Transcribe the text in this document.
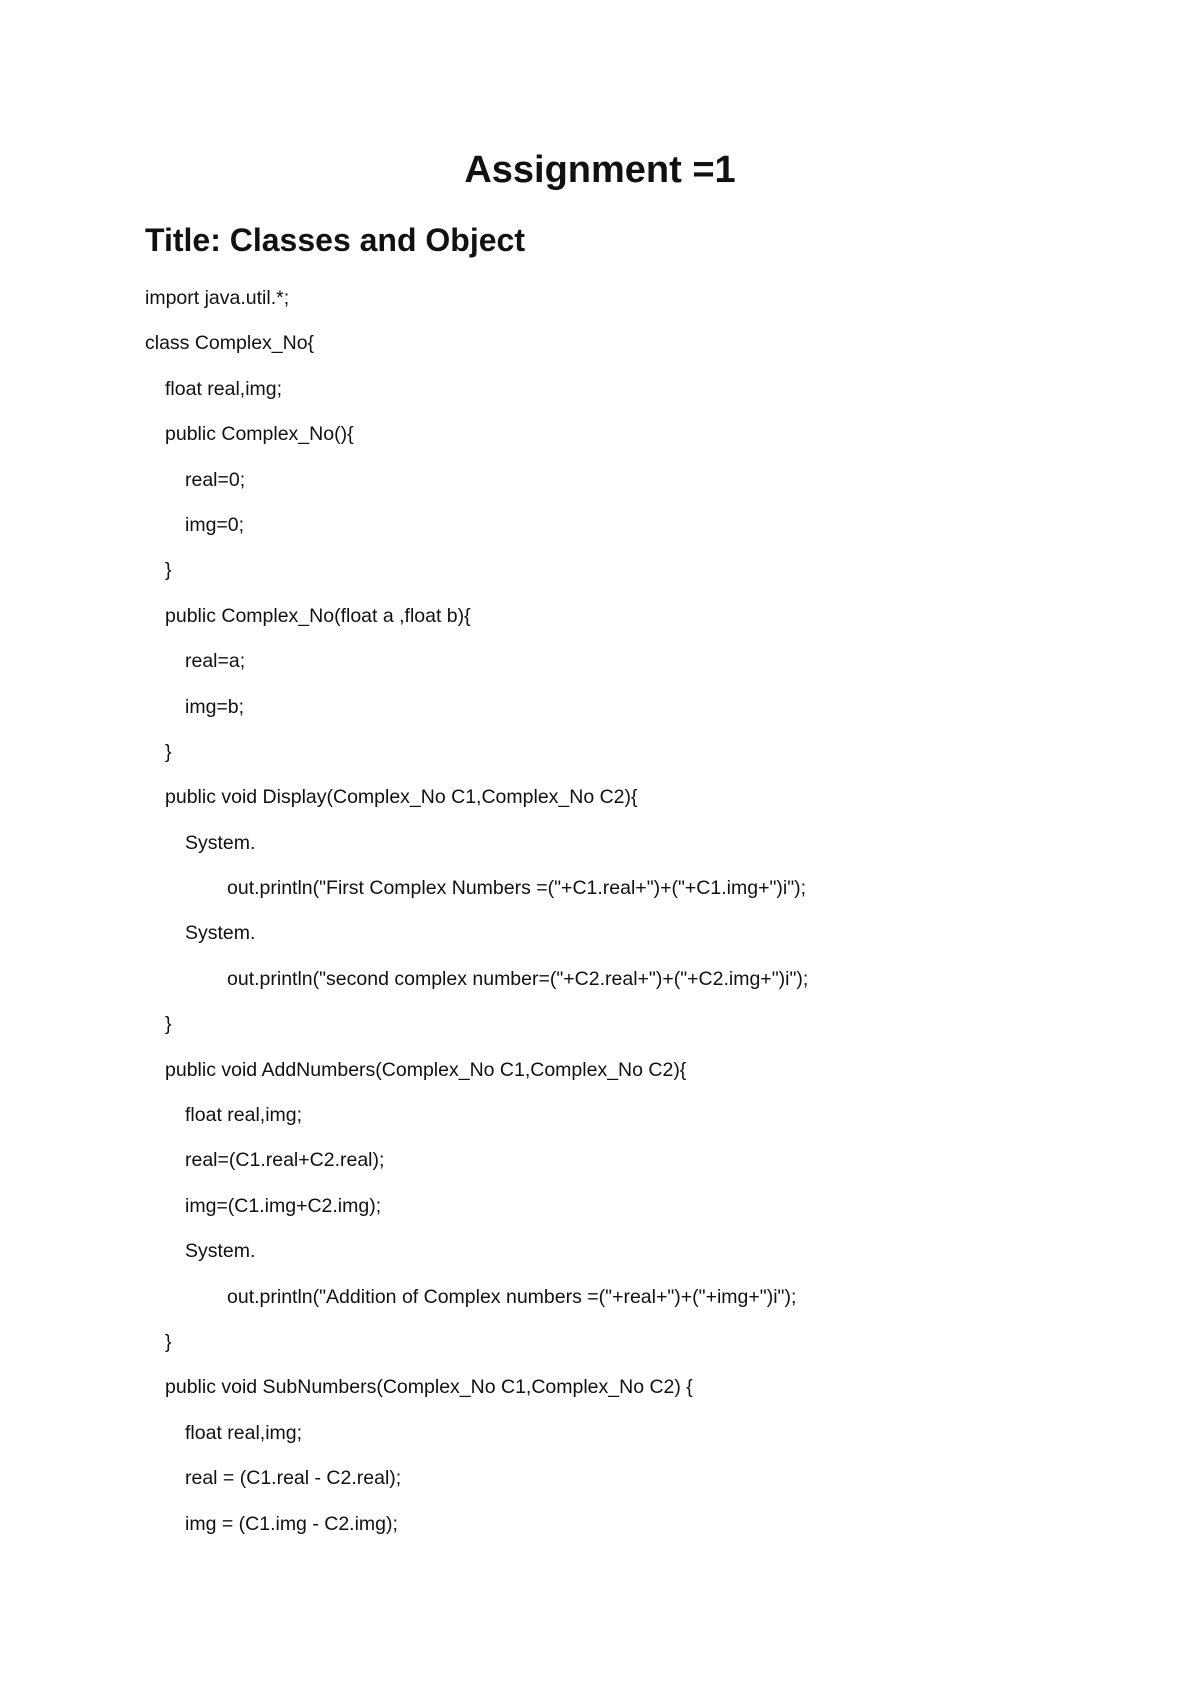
Assignment =1
Title: Classes and Object
import java.util.*;
class Complex_No{
float real,img;
public Complex_No(){
real=0;
img=0;
}
public Complex_No(float a ,float b){
real=a;
img=b;
}
public void Display(Complex_No C1,Complex_No C2){
System.
out.println("First Complex Numbers =("+C1.real+")+("+C1.img+")i");
System.
out.println("second complex number=("+C2.real+")+("+C2.img+")i");
}
public void AddNumbers(Complex_No C1,Complex_No C2){
float real,img;
real=(C1.real+C2.real);
img=(C1.img+C2.img);
System.
out.println("Addition of Complex numbers =("+real+")+("+img+")i");
}
public void SubNumbers(Complex_No C1,Complex_No C2) {
float real,img;
real = (C1.real - C2.real);
img = (C1.img - C2.img);
